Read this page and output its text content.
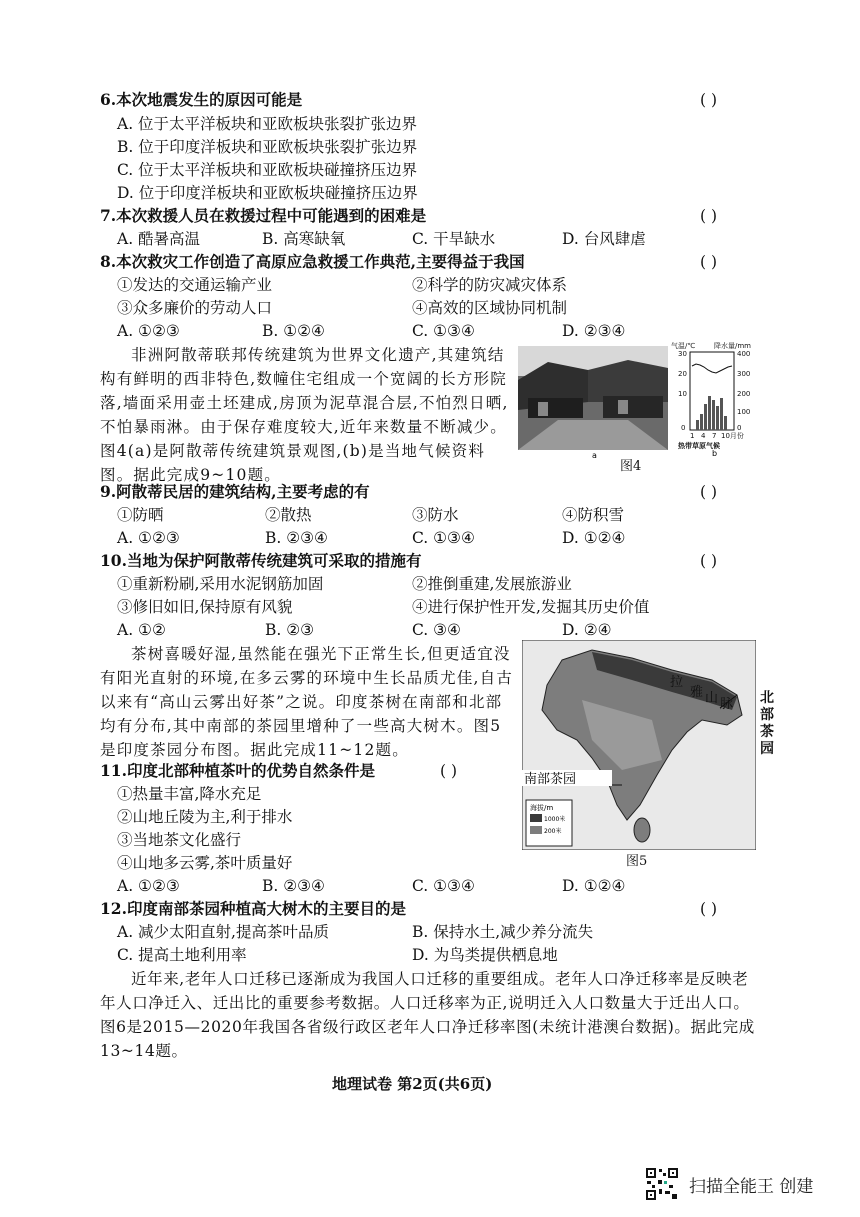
6.本次地震发生的原因可能是	( )
A. 位于太平洋板块和亚欧板块张裂扩张边界
B. 位于印度洋板块和亚欧板块张裂扩张边界
C. 位于太平洋板块和亚欧板块碰撞挤压边界
D. 位于印度洋板块和亚欧板块碰撞挤压边界
7.本次救援人员在救援过程中可能遇到的困难是	( )
A. 酷暑高温	B. 高寒缺氧	C. 干旱缺水	D. 台风肆虐
8.本次救灾工作创造了高原应急救援工作典范,主要得益于我国	( )
①发达的交通运输产业	②科学的防灾减灾体系
③众多廉价的劳动人口	④高效的区域协同机制
A. ①②③	B. ①②④	C. ①③④	D. ②③④
非洲阿散蒂联邦传统建筑为世界文化遗产,其建筑结构有鲜明的西非特色,数幢住宅组成一个宽阔的长方形院落,墙面采用壶土坯建成,房顶为泥草混合层,不怕烈日晒,不怕暴雨淋。由于保存难度较大,近年来数量不断减少。图4(a)是阿散蒂传统建筑景观图,(b)是当地气候资料图。据此完成9~10题。
气温/℃	降水量/mm
30
20
10
0
400
300
200
100
0
1 4 7 10月份
热带草原气候
a	b
图4
9.阿散蒂民居的建筑结构,主要考虑的有	( )
①防晒	②散热	③防水	④防积雪
A. ①②③	B. ②③④	C. ①③④	D. ①②④
10.当地为保护阿散蒂传统建筑可采取的措施有	( )
①重新粉刷,采用水泥钢筋加固	②推倒重建,发展旅游业
③修旧如旧,保持原有风貌	④进行保护性开发,发掘其历史价值
A. ①②	B. ②③	C. ③④	D. ②④
茶树喜暖好湿,虽然能在强光下正常生长,但更适宜没有阳光直射的环境,在多云雾的环境中生长品质尤佳,自古以来有“高山云雾出好茶”之说。印度茶树在南部和北部均有分布,其中南部的茶园里增种了一些高大树木。图5是印度茶园分布图。据此完成11~12题。
拉
雅 山 脉
南部茶园
海拔/m
1000米
200米
北部茶园
图5
11.印度北部种植茶叶的优势自然条件是	( )
①热量丰富,降水充足
②山地丘陵为主,利于排水
③当地茶文化盛行
④山地多云雾,茶叶质量好
A. ①②③	B. ②③④	C. ①③④	D. ①②④
12.印度南部茶园种植高大树木的主要目的是	( )
A. 减少太阳直射,提高茶叶品质	B. 保持水土,减少养分流失
C. 提高土地利用率	D. 为鸟类提供栖息地
近年来,老年人口迁移已逐渐成为我国人口迁移的重要组成。老年人口净迁移率是反映老年人口净迁入、迁出比的重要参考数据。人口迁移率为正,说明迁入人口数量大于迁出人口。图6是2015—2020年我国各省级行政区老年人口净迁移率图(未统计港澳台数据)。据此完成13~14题。
地理试卷 第2页(共6页)
扫描全能王 创建
